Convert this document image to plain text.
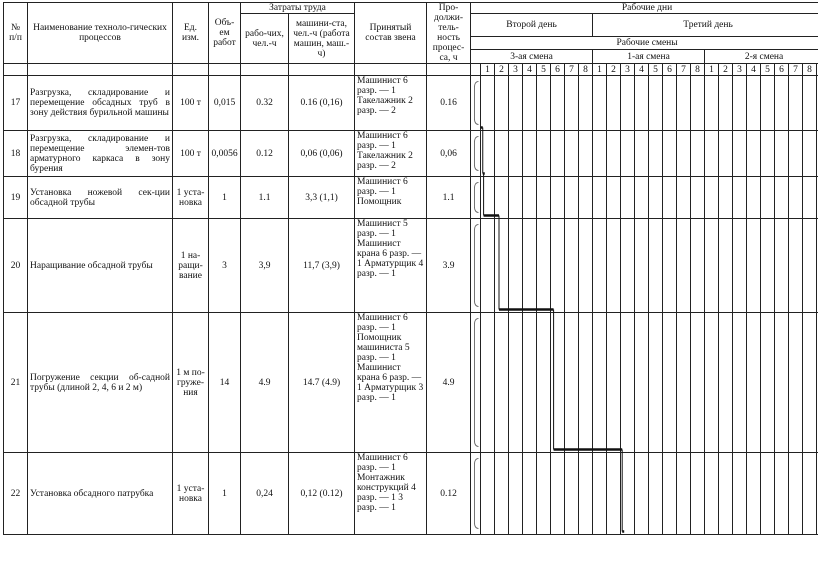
№ п/п	Наименование техноло-гических процессов	Ед. изм.	Объ-ем работ	Затраты труда		Принятый состав звена	Про-должи-тель-ность процес-са, ч	Рабочие дни																									
				рабо-чих, чел.-ч	машини-ста, чел.-ч (работа машин, маш.-ч)			Второй день									Третий день																
								Рабочие смены																									
								3-ая смена									1-ая смена								2-я смена								
									1	2	3	4	5	6	7	8	1	2	3	4	5	6	7	8	1	2	3	4	5	6	7	8	
17	Разгрузка, складирование и перемещение обсадных труб в зону действия бурильной машины	100 т	0,015	0.32	0.16 (0,16)	Машинист 6 разр. — 1 Такелажник 2 разр. — 2	0.16																										
18	Разгрузка, складирование и перемещение элемен-тов арматурного каркаса в зону бурения	100 т	0,0056	0.12	0,06 (0,06)	Машинист 6 разр. — 1 Такелажник 2 разр. — 2	0,06																										
19	Установка ножевой сек-ции обсадной трубы	1 уста-новка	1	1.1	3,3 (1,1)	Машинист 6 разр. — 1 Помощник	1.1																										
20	Наращивание обсадной трубы	1 на-ращи-вание	3	3,9	11,7 (3,9)	Машинист 5 разр. — 1 Машинист крана 6 разр. — 1 Арматурщик 4 разр. — 1	3.9																										
21	Погружение секции об-садной трубы (длиной 2, 4, 6 и 2 м)	1 м по-груже-ния	14	4.9	14.7 (4.9)	Машинист 6 разр. — 1 Помощник машиниста 5 разр. — 1 Машинист крана 6 разр. — 1 Арматурщик 3 разр. — 1	4.9																										
22	Установка обсадного патрубка	1 уста-новка	1	0,24	0,12 (0.12)	Машинист 6 разр. — 1 Монтажник конструкций 4 разр. — 1 3 разр. — 1	0.12																										
